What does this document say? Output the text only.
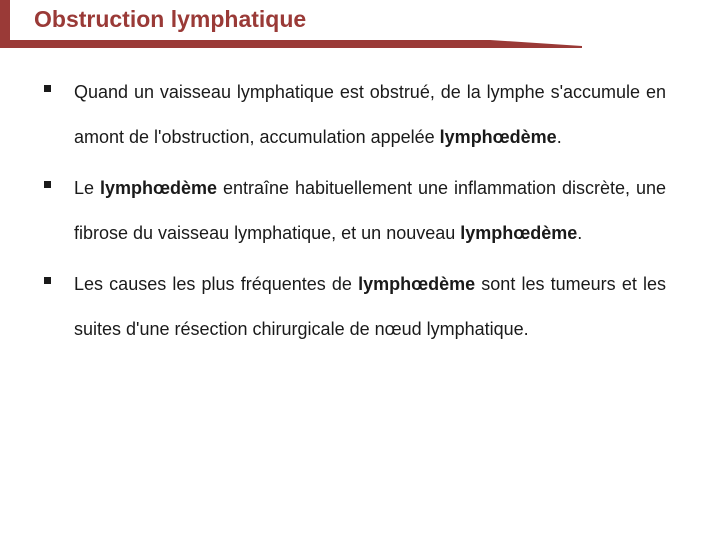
Obstruction lymphatique

Quand un vaisseau lymphatique est obstrué, de la lymphe s'accumule en amont de l'obstruction, accumulation appelée lymphœdème.

Le lymphœdème entraîne habituellement une inflammation discrète, une fibrose du vaisseau lymphatique, et un nouveau lymphœdème.

Les causes les plus fréquentes de lymphœdème sont les tumeurs et les suites d'une résection chirurgicale de nœud lymphatique.
